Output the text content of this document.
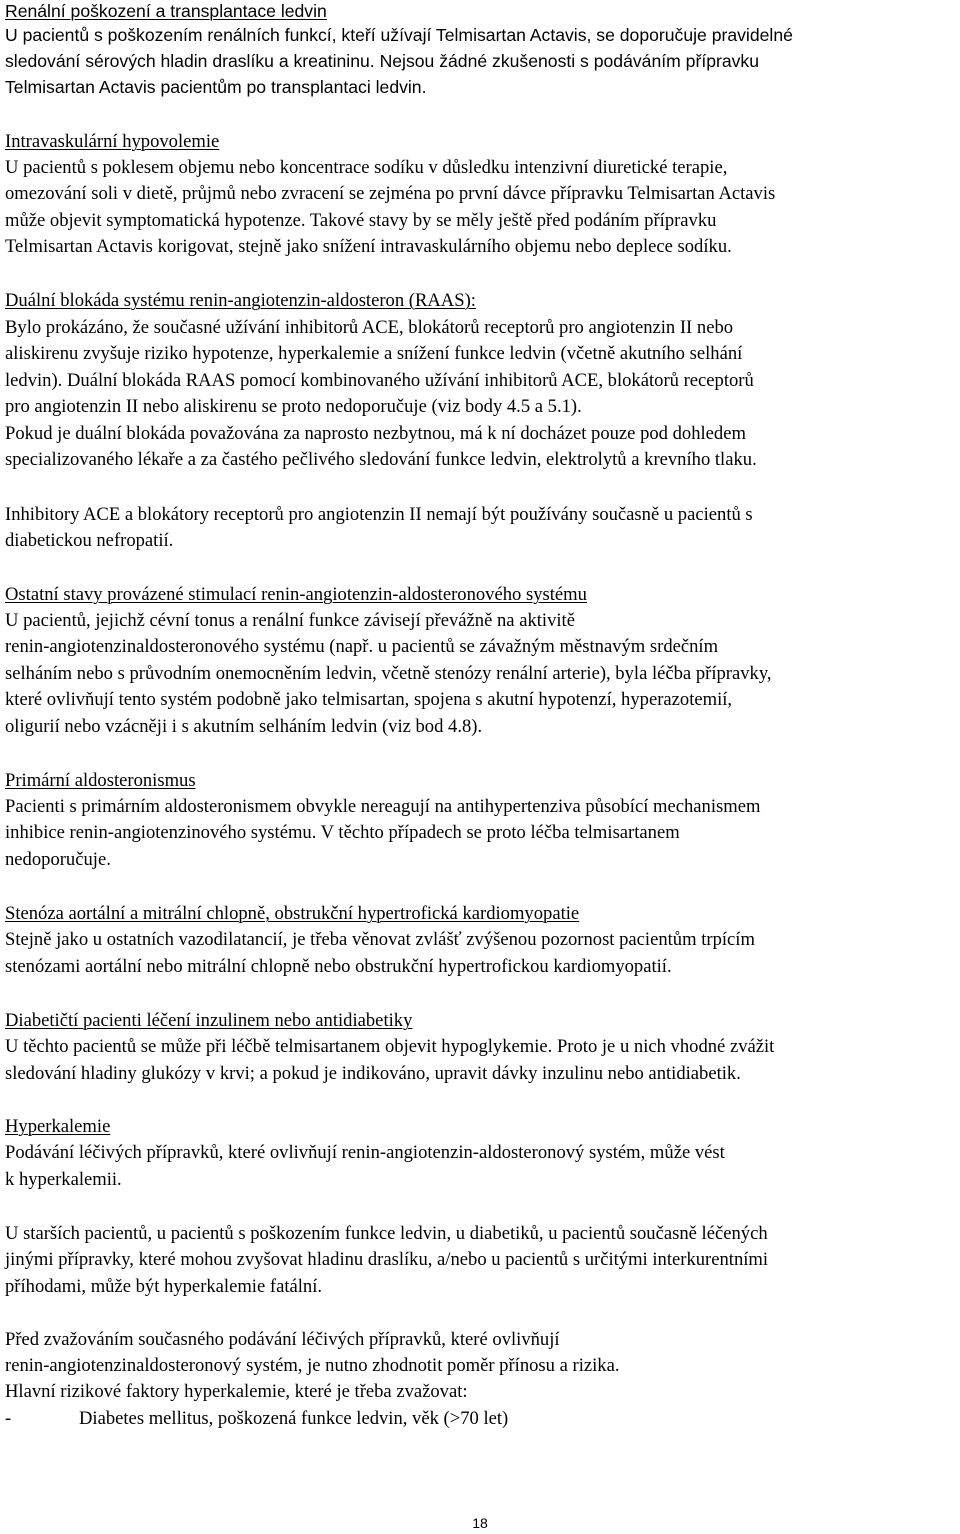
Renální poškození a transplantace ledvin
U pacientů s poškozením renálních funkcí, kteří užívají Telmisartan Actavis, se doporučuje pravidelné
sledování sérových hladin draslíku a kreatininu. Nejsou žádné zkušenosti s podáváním přípravku
Telmisartan Actavis pacientům po transplantaci ledvin.
Intravaskulární hypovolemie
U pacientů s poklesem objemu nebo koncentrace sodíku v důsledku intenzivní diuretické terapie,
omezování soli v dietě, průjmů nebo zvracení se zejména po první dávce přípravku Telmisartan Actavis
může objevit symptomatická hypotenze. Takové stavy by se měly ještě před podáním přípravku
Telmisartan Actavis korigovat, stejně jako snížení intravaskulárního objemu nebo deplece sodíku.
Duální blokáda systému renin-angiotenzin-aldosteron (RAAS):
Bylo prokázáno, že současné užívání inhibitorů ACE, blokátorů receptorů pro angiotenzin II nebo
aliskirenu zvyšuje riziko hypotenze, hyperkalemie a snížení funkce ledvin (včetně akutního selhání
ledvin). Duální blokáda RAAS pomocí kombinovaného užívání inhibitorů ACE, blokátorů receptorů
pro angiotenzin II nebo aliskirenu se proto nedoporučuje (viz body 4.5 a 5.1).
Pokud je duální blokáda považována za naprosto nezbytnou, má k ní docházet pouze pod dohledem
specializovaného lékaře a za častého pečlivého sledování funkce ledvin, elektrolytů a krevního tlaku.
Inhibitory ACE a blokátory receptorů pro angiotenzin II nemají být používány současně u pacientů s
diabetickou nefropatií.
Ostatní stavy provázené stimulací renin-angiotenzin-aldosteronového systému
U pacientů, jejichž cévní tonus a renální funkce závisejí převážně na aktivitě
renin-angiotenzinaldosteronového systému (např. u pacientů se závažným městnavým srdečním
selháním nebo s průvodním onemocněním ledvin, včetně stenózy renální arterie), byla léčba přípravky,
které ovlivňují tento systém podobně jako telmisartan, spojena s akutní hypotenzí, hyperazotemií,
oligurií nebo vzácněji i s akutním selháním ledvin (viz bod 4.8).
Primární aldosteronismus
Pacienti s primárním aldosteronismem obvykle nereagují na antihypertenziva působící mechanismem
inhibice renin-angiotenzinového systému. V těchto případech se proto léčba telmisartanem
nedoporučuje.
Stenóza aortální a mitrální chlopně, obstrukční hypertrofická kardiomyopatie
Stejně jako u ostatních vazodilatancií, je třeba věnovat zvlášť zvýšenou pozornost pacientům trpícím
stenózami aortální nebo mitrální chlopně nebo obstrukční hypertrofickou kardiomyopatií.
Diabetičtí pacienti léčení inzulinem nebo antidiabetiky
U těchto pacientů se může při léčbě telmisartanem objevit hypoglykemie. Proto je u nich vhodné zvážit
sledování hladiny glukózy v krvi; a pokud je indikováno, upravit dávky inzulinu nebo antidiabetik.
Hyperkalemie
Podávání léčivých přípravků, které ovlivňují renin-angiotenzin-aldosteronový systém, může vést
k hyperkalemii.
U starších pacientů, u pacientů s poškozením funkce ledvin, u diabetiků, u pacientů současně léčených
jinými přípravky, které mohou zvyšovat hladinu draslíku, a/nebo u pacientů s určitými interkurentními
příhodami, může být hyperkalemie fatální.
Před zvažováním současného podávání léčivých přípravků, které ovlivňují
renin-angiotenzinaldosteronový systém, je nutno zhodnotit poměr přínosu a rizika.
Hlavní rizikové faktory hyperkalemie, které je třeba zvažovat:
-	Diabetes mellitus, poškozená funkce ledvin, věk (>70 let)
18
